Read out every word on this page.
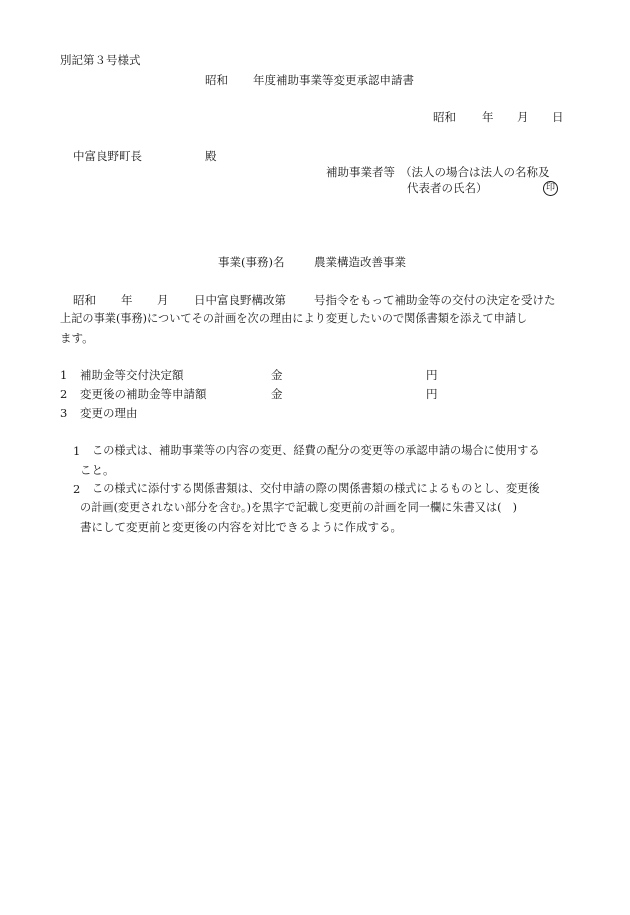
別記第３号様式
昭和 年度補助事業等変更承認申請書
昭和 年 月 日
中富良野町長	殿
補助事業者等 （法人の場合は法人の名称及
代表者の氏名）	印
事業(事務)名	農業構造改善事業
昭和 年 月 日中富良野構改第 号指令をもって補助金等の交付の決定を受けた
上記の事業(事務)についてその計画を次の理由により変更したいので関係書類を添えて申請し
ます。
1 補助金等交付決定額	金	円
2 変更後の補助金等申請額	金	円
3 変更の理由
1 この様式は、補助事業等の内容の変更、経費の配分の変更等の承認申請の場合に使用する
こと。
2 この様式に添付する関係書類は、交付申請の際の関係書類の様式によるものとし、変更後
の計画(変更されない部分を含む。)を黒字で記載し変更前の計画を同一欄に朱書又は(　)
書にして変更前と変更後の内容を対比できるように作成する。
